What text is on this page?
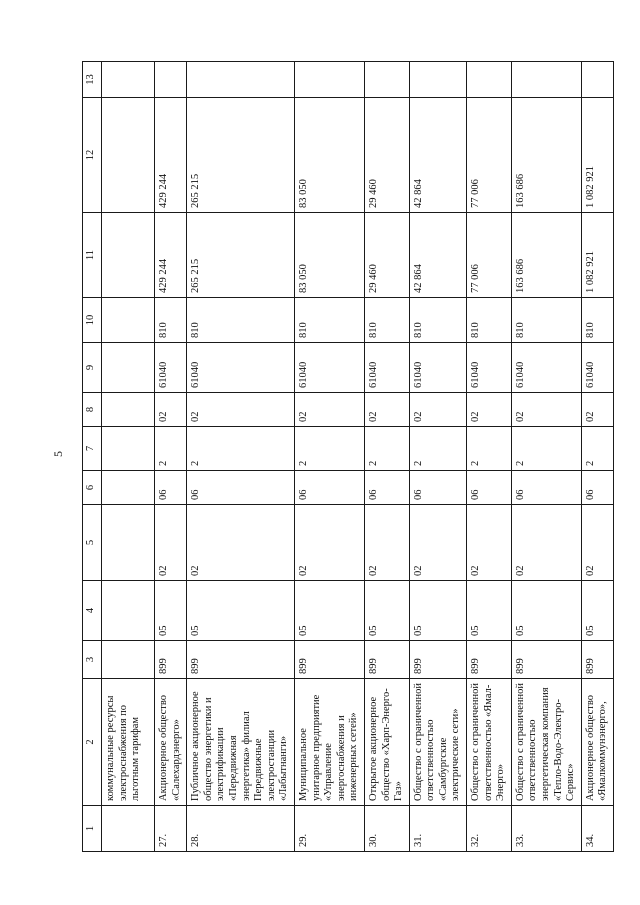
5
1	2	3	4	5	6	7	8	9	10	11	12	13
	коммунальные ресурсы электроснабжения по льготным тарифам											
27.	Акционерное общество «Салехардэнерго»	899	05	02	06	2	02	61040	810	429 244	429 244	
28.	Публичное акционерное общество энергетики и электрификации «Передвижная энергетика» филиал Передвижные электростанции «Лабытнанги»	899	05	02	06	2	02	61040	810	265 215	265 215	
29.	Муниципальное унитарное предприятие «Управление энергоснабжения и инженерных сетей»	899	05	02	06	2	02	61040	810	83 050	83 050	
30.	Открытое акционерное общество «Харп-Энерго-Газ»	899	05	02	06	2	02	61040	810	29 460	29 460	
31.	Общество с ограниченной ответственностью «Самбургские электрические сети»	899	05	02	06	2	02	61040	810	42 864	42 864	
32.	Общество с ограниченной ответственностью «Ямал-Энерго»	899	05	02	06	2	02	61040	810	77 006	77 006	
33.	Общество с ограниченной ответственностью энергетическая компания «Тепло-Водо-Электро-Сервис»	899	05	02	06	2	02	61040	810	163 686	163 686	
34.	Акционерное общество «Ямалкоммунэнерго»,	899	05	02	06	2	02	61040	810	1 082 921	1 082 921	
